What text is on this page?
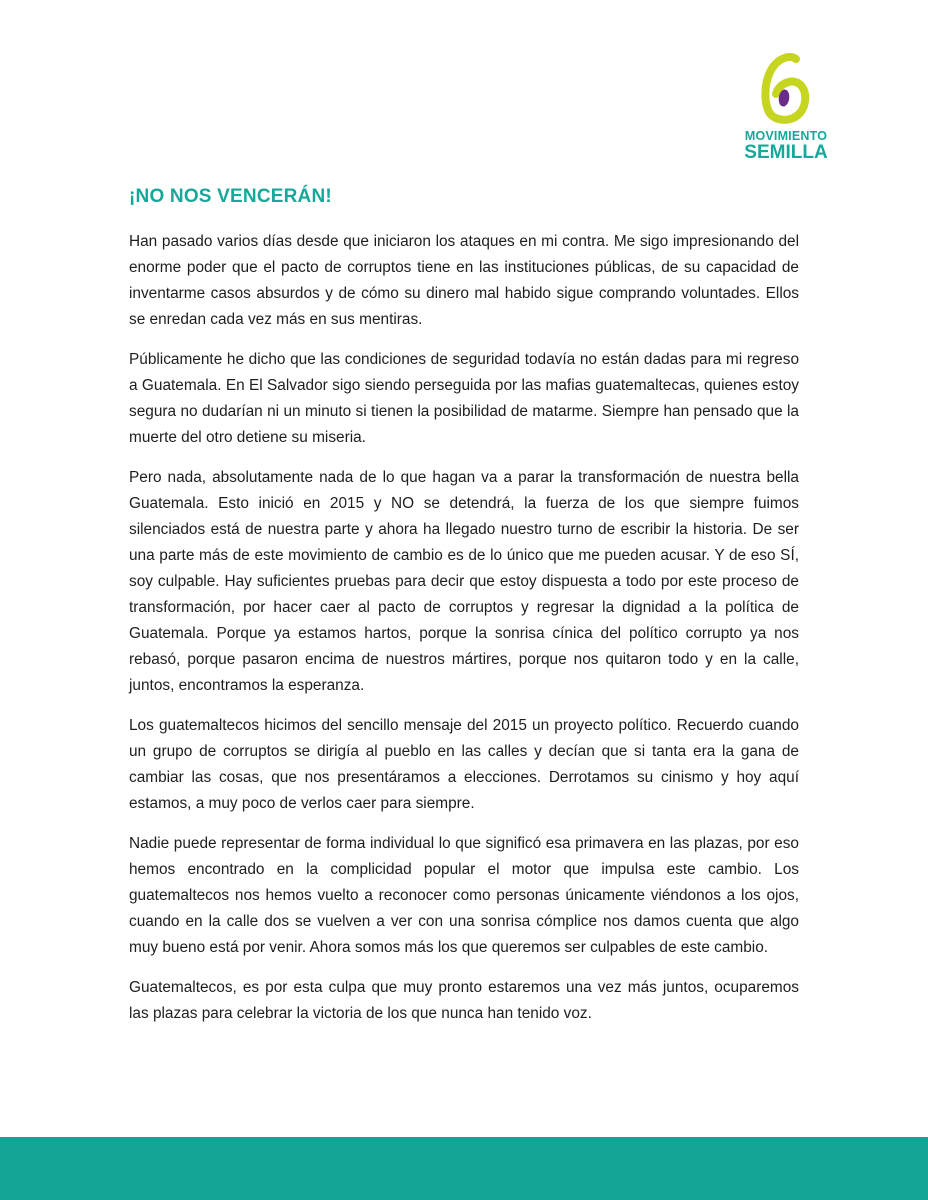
MOVIMIENTO
SEMILLA
¡NO NOS VENCERÁN!

Han pasado varios días desde que iniciaron los ataques en mi contra. Me sigo impresionando del enorme poder que el pacto de corruptos tiene en las instituciones públicas, de su capacidad de inventarme casos absurdos y de cómo su dinero mal habido sigue comprando voluntades. Ellos se enredan cada vez más en sus mentiras.

Públicamente he dicho que las condiciones de seguridad todavía no están dadas para mi regreso a Guatemala. En El Salvador sigo siendo perseguida por las mafias guatemaltecas, quienes estoy segura no dudarían ni un minuto si tienen la posibilidad de matarme. Siempre han pensado que la muerte del otro detiene su miseria.

Pero nada, absolutamente nada de lo que hagan va a parar la transformación de nuestra bella Guatemala. Esto inició en 2015 y NO se detendrá, la fuerza de los que siempre fuimos silenciados está de nuestra parte y ahora ha llegado nuestro turno de escribir la historia. De ser una parte más de este movimiento de cambio es de lo único que me pueden acusar. Y de eso SÍ, soy culpable. Hay suficientes pruebas para decir que estoy dispuesta a todo por este proceso de transformación, por hacer caer al pacto de corruptos y regresar la dignidad a la política de Guatemala. Porque ya estamos hartos, porque la sonrisa cínica del político corrupto ya nos rebasó, porque pasaron encima de nuestros mártires, porque nos quitaron todo y en la calle, juntos, encontramos la esperanza.

Los guatemaltecos hicimos del sencillo mensaje del 2015 un proyecto político. Recuerdo cuando un grupo de corruptos se dirigía al pueblo en las calles y decían que si tanta era la gana de cambiar las cosas, que nos presentáramos a elecciones. Derrotamos su cinismo y hoy aquí estamos, a muy poco de verlos caer para siempre.

Nadie puede representar de forma individual lo que significó esa primavera en las plazas, por eso hemos encontrado en la complicidad popular el motor que impulsa este cambio. Los guatemaltecos nos hemos vuelto a reconocer como personas únicamente viéndonos a los ojos, cuando en la calle dos se vuelven a ver con una sonrisa cómplice nos damos cuenta que algo muy bueno está por venir. Ahora somos más los que queremos ser culpables de este cambio.

Guatemaltecos, es por esta culpa que muy pronto estaremos una vez más juntos, ocuparemos las plazas para celebrar la victoria de los que nunca han tenido voz.
